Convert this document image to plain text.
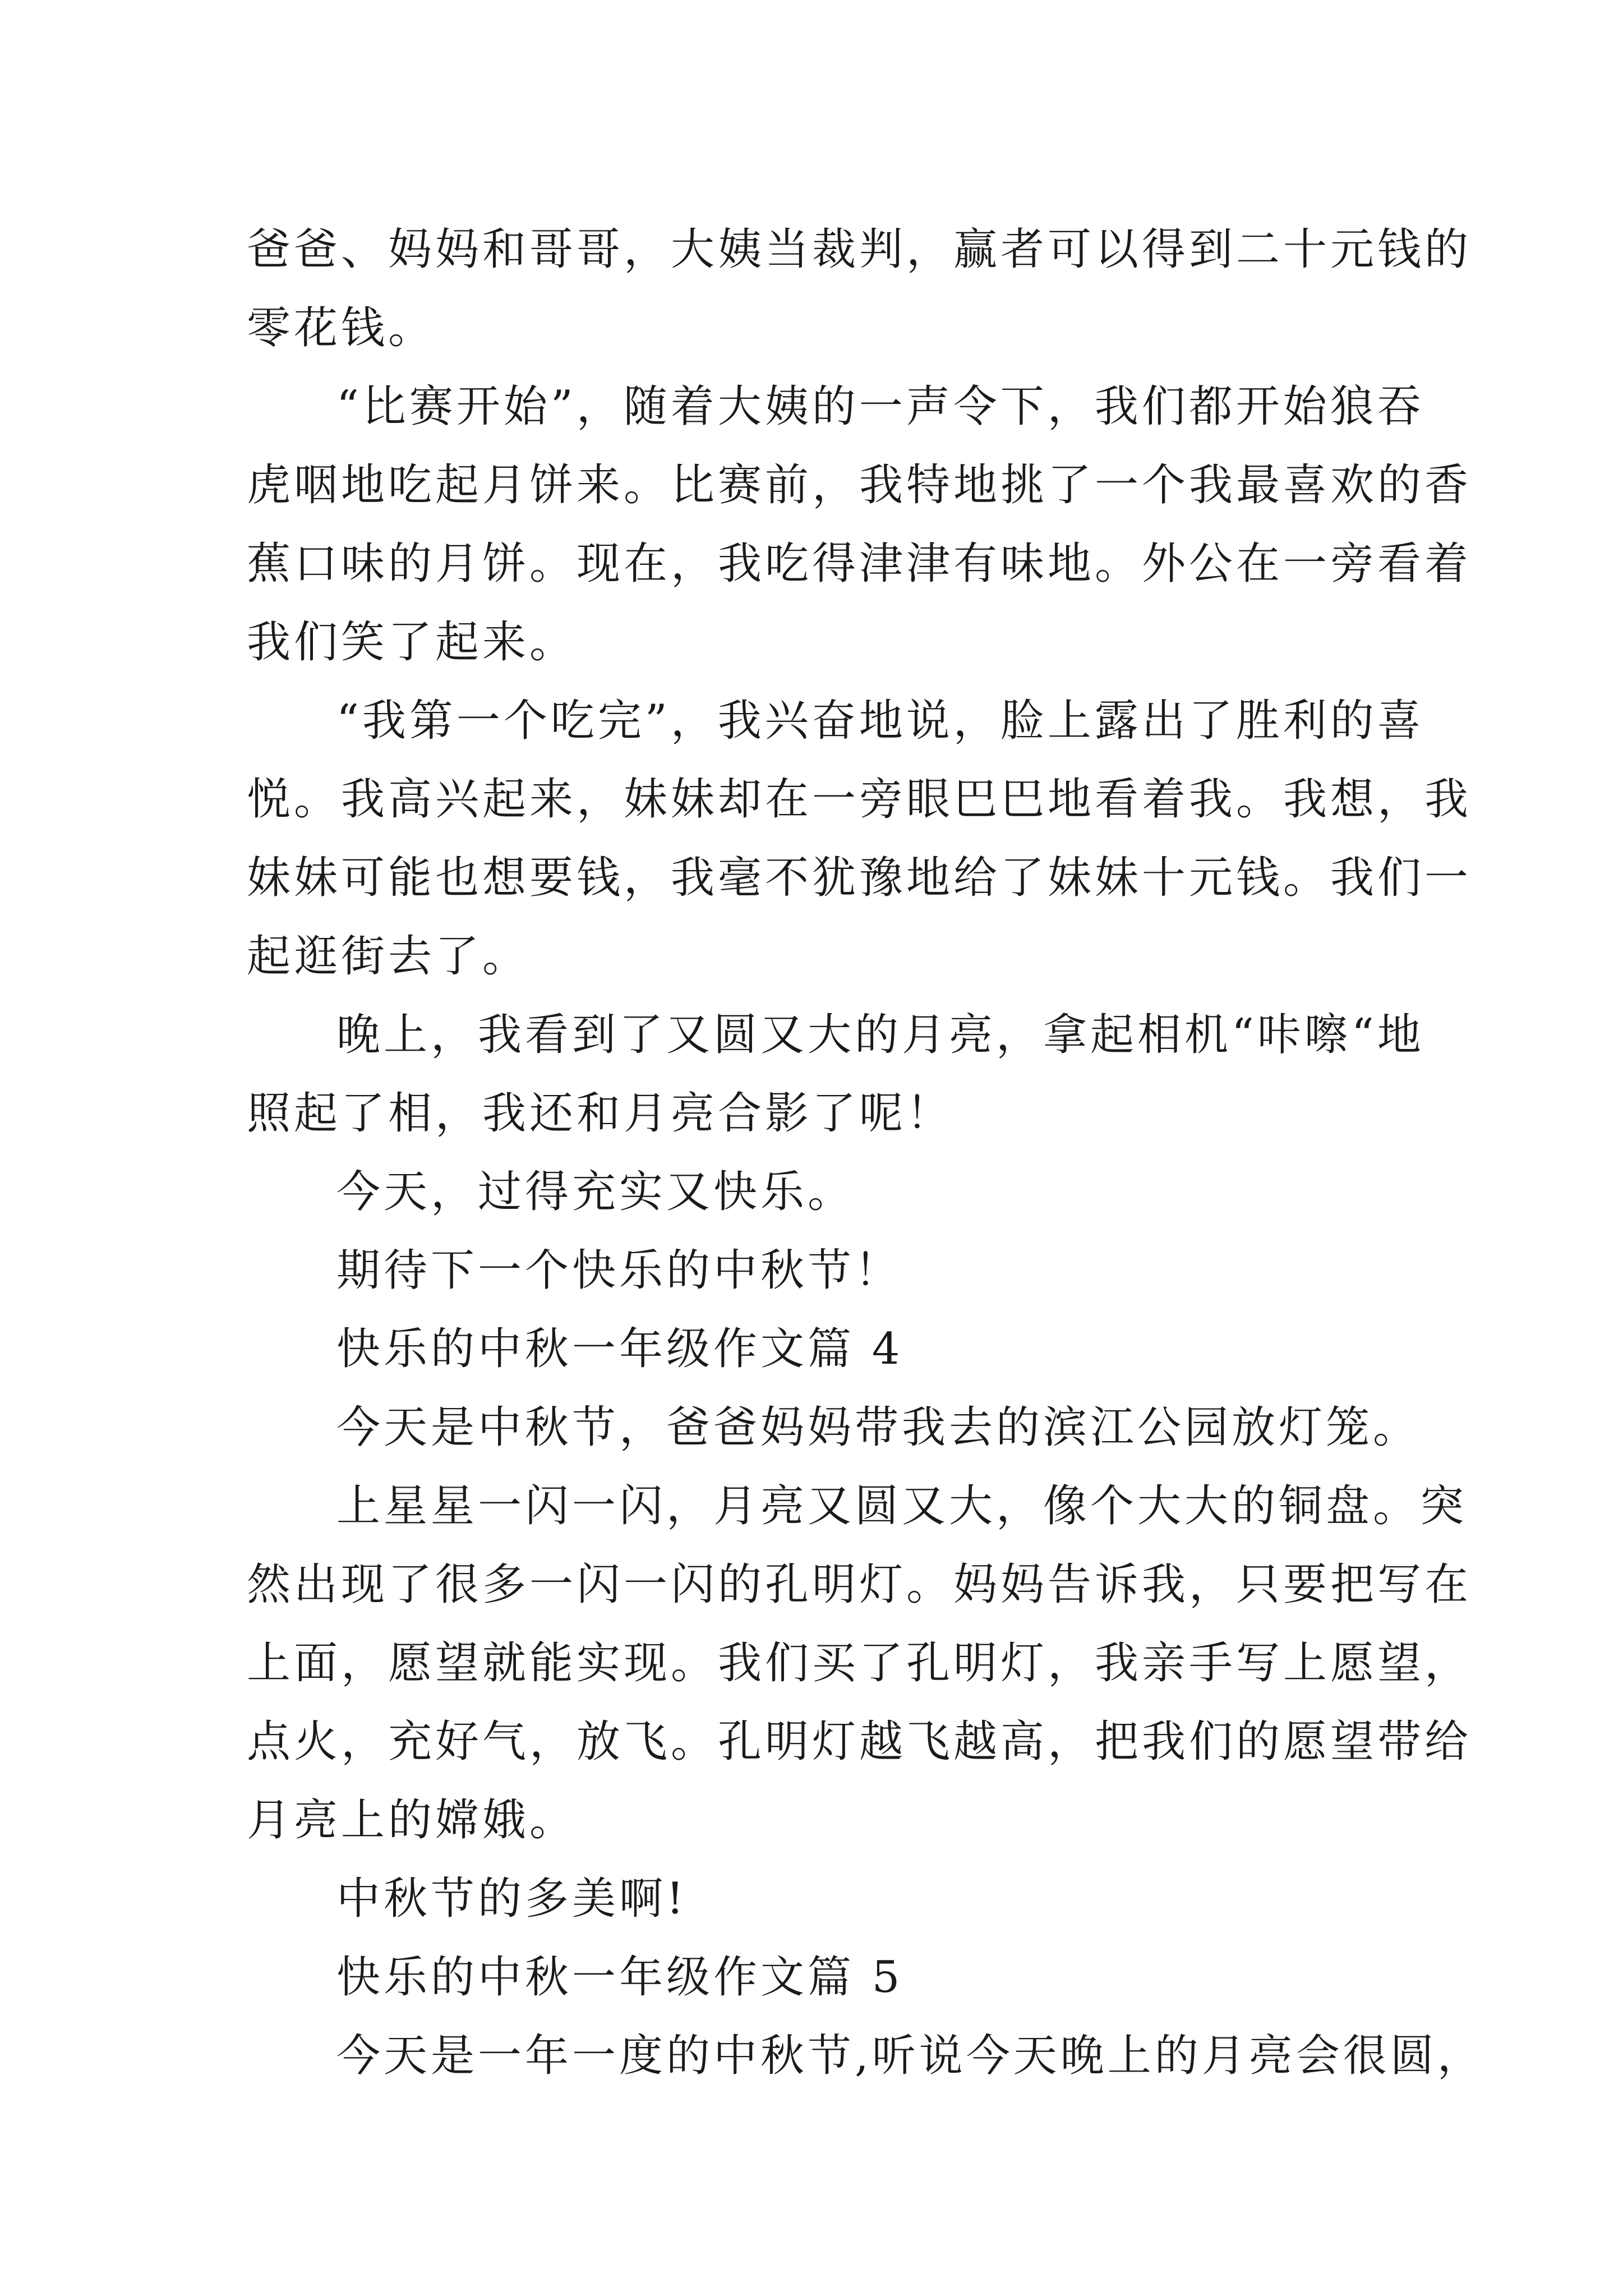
爸爸、妈妈和哥哥，大姨当裁判，赢者可以得到二十元钱的
零花钱。
“比赛开始”，随着大姨的一声令下，我们都开始狼吞
虎咽地吃起月饼来。比赛前，我特地挑了一个我最喜欢的香
蕉口味的月饼。现在，我吃得津津有味地。外公在一旁看着
我们笑了起来。
“我第一个吃完”，我兴奋地说，脸上露出了胜利的喜
悦。我高兴起来，妹妹却在一旁眼巴巴地看着我。我想，我
妹妹可能也想要钱，我毫不犹豫地给了妹妹十元钱。我们一
起逛街去了。
晚上，我看到了又圆又大的月亮，拿起相机“咔嚓“地
照起了相，我还和月亮合影了呢！
今天，过得充实又快乐。
期待下一个快乐的中秋节！
快乐的中秋一年级作文篇 4
今天是中秋节，爸爸妈妈带我去的滨江公园放灯笼。
上星星一闪一闪，月亮又圆又大，像个大大的铜盘。突
然出现了很多一闪一闪的孔明灯。妈妈告诉我，只要把写在
上面，愿望就能实现。我们买了孔明灯，我亲手写上愿望，
点火，充好气，放飞。孔明灯越飞越高，把我们的愿望带给
月亮上的嫦娥。
中秋节的多美啊!
快乐的中秋一年级作文篇 5
今天是一年一度的中秋节,听说今天晚上的月亮会很圆，
